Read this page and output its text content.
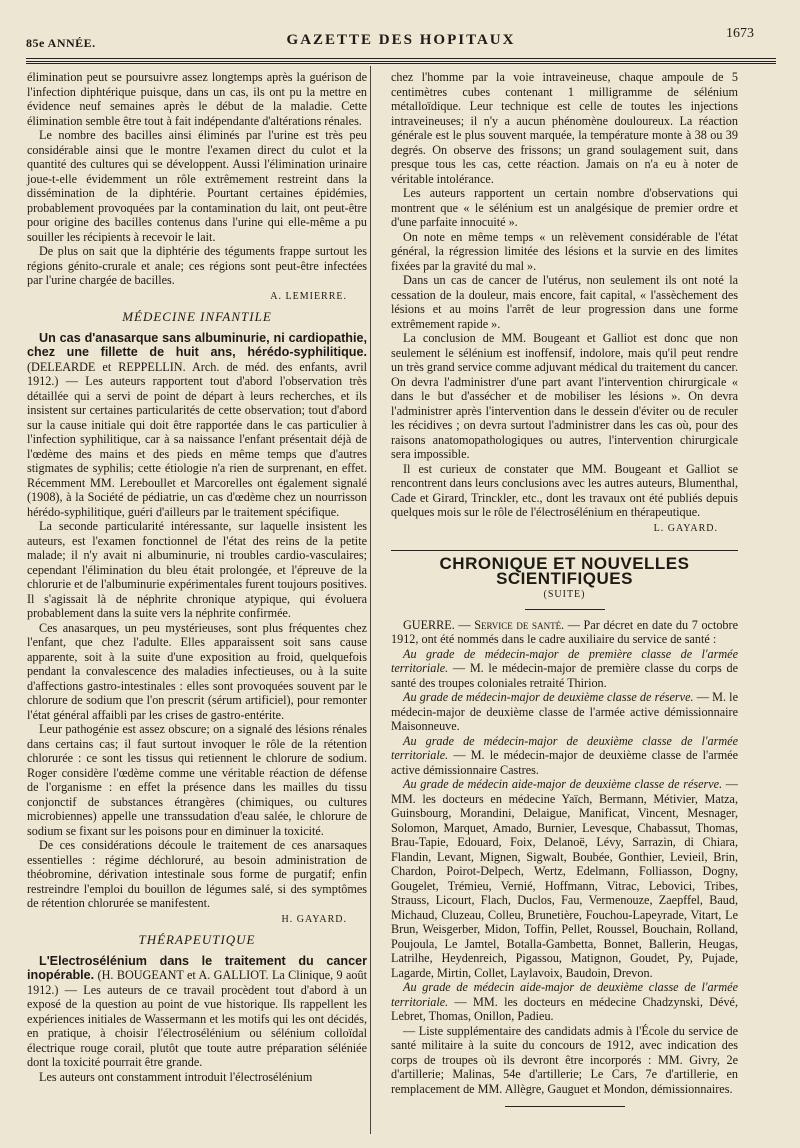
85e ANNÉE.	GAZETTE DES HOPITAUX	1673

élimination peut se poursuivre assez longtemps après la guérison de l'infection diphtérique puisque, dans un cas, ils ont pu la mettre en évidence neuf semaines après le début de la maladie. Cette élimination semble être tout à fait indépendante d'altérations rénales.

Le nombre des bacilles ainsi éliminés par l'urine est très peu considérable ainsi que le montre l'examen direct du culot et la quantité des cultures qui se développent. Aussi l'élimination urinaire joue-t-elle évidemment un rôle extrêmement restreint dans la dissémination de la diphtérie. Pourtant certaines épidémies, probablement provoquées par la contamination du lait, ont peut-être pour origine des bacilles contenus dans l'urine qui elle-même a pu souiller les récipients à recevoir le lait.

De plus on sait que la diphtérie des téguments frappe surtout les régions génito-crurale et anale; ces régions sont peut-être infectées par l'urine chargée de bacilles.

A. LEMIERRE.
MÉDECINE INFANTILE

Un cas d'anasarque sans albuminurie, ni cardiopathie, chez une fillette de huit ans, hérédo-syphilitique. (DELEARDE et REPPELLIN. Arch. de méd. des enfants, avril 1912.) — Les auteurs rapportent tout d'abord l'observation très détaillée qui a servi de point de départ à leurs recherches, et ils insistent sur certaines particularités de cette observation; tout d'abord sur la cause initiale qui doit être rapportée dans le cas particulier à l'infection syphilitique, car à sa naissance l'enfant présentait déjà de l'œdème des mains et des pieds en même temps que d'autres stigmates de syphilis; cette étiologie n'a rien de surprenant, en effet. Récemment MM. Lereboullet et Marcorelles ont également signalé (1908), à la Société de pédiatrie, un cas d'œdème chez un nourrisson hérédo-syphilitique, guéri d'ailleurs par le traitement spécifique.

La seconde particularité intéressante, sur laquelle insistent les auteurs, est l'examen fonctionnel de l'état des reins de la petite malade; il n'y avait ni albuminurie, ni troubles cardio-vasculaires; cependant l'élimination du bleu était prolongée, et l'épreuve de la chlorurie et de l'albuminurie expérimentales furent toujours positives. Il s'agissait là de néphrite chronique atypique, qui évoluera probablement dans la suite vers la néphrite confirmée.

Ces anasarques, un peu mystérieuses, sont plus fréquentes chez l'enfant, que chez l'adulte. Elles apparaissent soit sans cause apparente, soit à la suite d'une exposition au froid, quelquefois pendant la convalescence des maladies infectieuses, ou à la suite d'affections gastro-intestinales : elles sont provoquées souvent par le chlorure de sodium que l'on prescrit (sérum artificiel), pour remonter l'état général affaibli par les crises de gastro-entérite.

Leur pathogénie est assez obscure; on a signalé des lésions rénales dans certains cas; il faut surtout invoquer le rôle de la rétention chlorurée : ce sont les tissus qui retiennent le chlorure de sodium. Roger considère l'œdème comme une véritable réaction de défense de l'organisme : en effet la présence dans les mailles du tissu conjonctif de substances étrangères (chimiques, ou cultures microbiennes) appelle une transsudation d'eau salée, le chlorure de sodium se fixant sur les poisons pour en diminuer la toxicité.

De ces considérations découle le traitement de ces anarsaques essentielles : régime déchloruré, au besoin administration de théobromine, dérivation intestinale sous forme de purgatif; enfin restreindre l'emploi du bouillon de légumes salé, si des symptômes de rétention chlorurée se manifestent.

H. GAYARD.
THÉRAPEUTIQUE

L'Electrosélénium dans le traitement du cancer inopérable. (H. BOUGEANT et A. GALLIOT. La Clinique, 9 août 1912.) — Les auteurs de ce travail procèdent tout d'abord à un exposé de la question au point de vue historique. Ils rappellent les expériences initiales de Wassermann et les motifs qui les ont décidés, en pratique, à choisir l'électrosélénium ou sélénium colloïdal électrique rouge corail, plutôt que toute autre préparation séléniée dont la toxicité pourrait être grande.

Les auteurs ont constamment introduit l'électrosélénium

chez l'homme par la voie intraveineuse, chaque ampoule de 5 centimètres cubes contenant 1 milligramme de sélénium métalloïdique. Leur technique est celle de toutes les injections intraveineuses; il n'y a aucun phénomène douloureux. La réaction générale est le plus souvent marquée, la température monte à 38 ou 39 degrés. On observe des frissons; un grand soulagement suit, dans presque tous les cas, cette réaction. Jamais on n'a eu à noter de véritable intolérance.

Les auteurs rapportent un certain nombre d'observations qui montrent que « le sélénium est un analgésique de premier ordre et d'une parfaite innocuité ».

On note en même temps « un relèvement considérable de l'état général, la régression limitée des lésions et la survie en des limites fixées par la gravité du mal ».

Dans un cas de cancer de l'utérus, non seulement ils ont noté la cessation de la douleur, mais encore, fait capital, « l'assèchement des lésions et au moins l'arrêt de leur progression dans une forme extrêmement rapide ».

La conclusion de MM. Bougeant et Galliot est donc que non seulement le sélénium est inoffensif, indolore, mais qu'il peut rendre un très grand service comme adjuvant médical du traitement du cancer. On devra l'administrer d'une part avant l'intervention chirurgicale « dans le but d'assécher et de mobiliser les lésions ». On devra l'administrer après l'intervention dans le dessein d'éviter ou de reculer les récidives ; on devra surtout l'administrer dans les cas où, pour des raisons anatomopathologiques ou autres, l'intervention chirurgicale sera impossible.

Il est curieux de constater que MM. Bougeant et Galliot se rencontrent dans leurs conclusions avec les autres auteurs, Blumenthal, Cade et Girard, Trinckler, etc., dont les travaux ont été publiés depuis quelques mois sur le rôle de l'électrosélénium en thérapeutique.

L. GAYARD.
CHRONIQUE ET NOUVELLES SCIENTIFIQUES
(SUITE)

GUERRE. — Service de santé. — Par décret en date du 7 octobre 1912, ont été nommés dans le cadre auxiliaire du service de santé :

Au grade de médecin-major de première classe de l'armée territoriale. — M. le médecin-major de première classe du corps de santé des troupes coloniales retraité Thirion.

Au grade de médecin-major de deuxième classe de réserve. — M. le médecin-major de deuxième classe de l'armée active démissionnaire Maisonneuve.

Au grade de médecin-major de deuxième classe de l'armée territoriale. — M. le médecin-major de deuxième classe de l'armée active démissionnaire Castres.

Au grade de médecin aide-major de deuxième classe de réserve. — MM. les docteurs en médecine Yaïch, Bermann, Métivier, Matza, Guinsbourg, Morandini, Delaigue, Manificat, Vincent, Mesnager, Solomon, Marquet, Amado, Burnier, Levesque, Chabassut, Thomas, Brau-Tapie, Edouard, Foix, Delanoë, Lévy, Sarrazin, di Chiara, Flandin, Levant, Mignen, Sigwalt, Boubée, Gonthier, Levieil, Brin, Chardon, Poirot-Delpech, Wertz, Edelmann, Folliasson, Dogny, Gougelet, Trémieu, Vernié, Hoffmann, Vitrac, Lebovici, Tribes, Strauss, Licourt, Flach, Duclos, Fau, Vermenouze, Zaepffel, Baud, Michaud, Cluzeau, Colleu, Brunetière, Fouchou-Lapeyrade, Vitart, Le Brun, Weisgerber, Midon, Toffin, Pellet, Roussel, Bouchain, Rolland, Poujoula, Le Jamtel, Botalla-Gambetta, Bonnet, Ballerin, Heugas, Latrilhe, Heydenreich, Pigassou, Matignon, Goudet, Py, Pujade, Lagarde, Mirtin, Collet, Laylavoix, Baudoin, Drevon.

Au grade de médecin aide-major de deuxième classe de l'armée territoriale. — MM. les docteurs en médecine Chadzynski, Dévé, Lebret, Thomas, Onillon, Padieu.

— Liste supplémentaire des candidats admis à l'École du service de santé militaire à la suite du concours de 1912, avec indication des corps de troupes où ils devront être incorporés : MM. Givry, 2e d'artillerie; Malinas, 54e d'artillerie; Le Cars, 7e d'artillerie, en remplacement de MM. Allègre, Gauguet et Mondon, démissionnaires.
